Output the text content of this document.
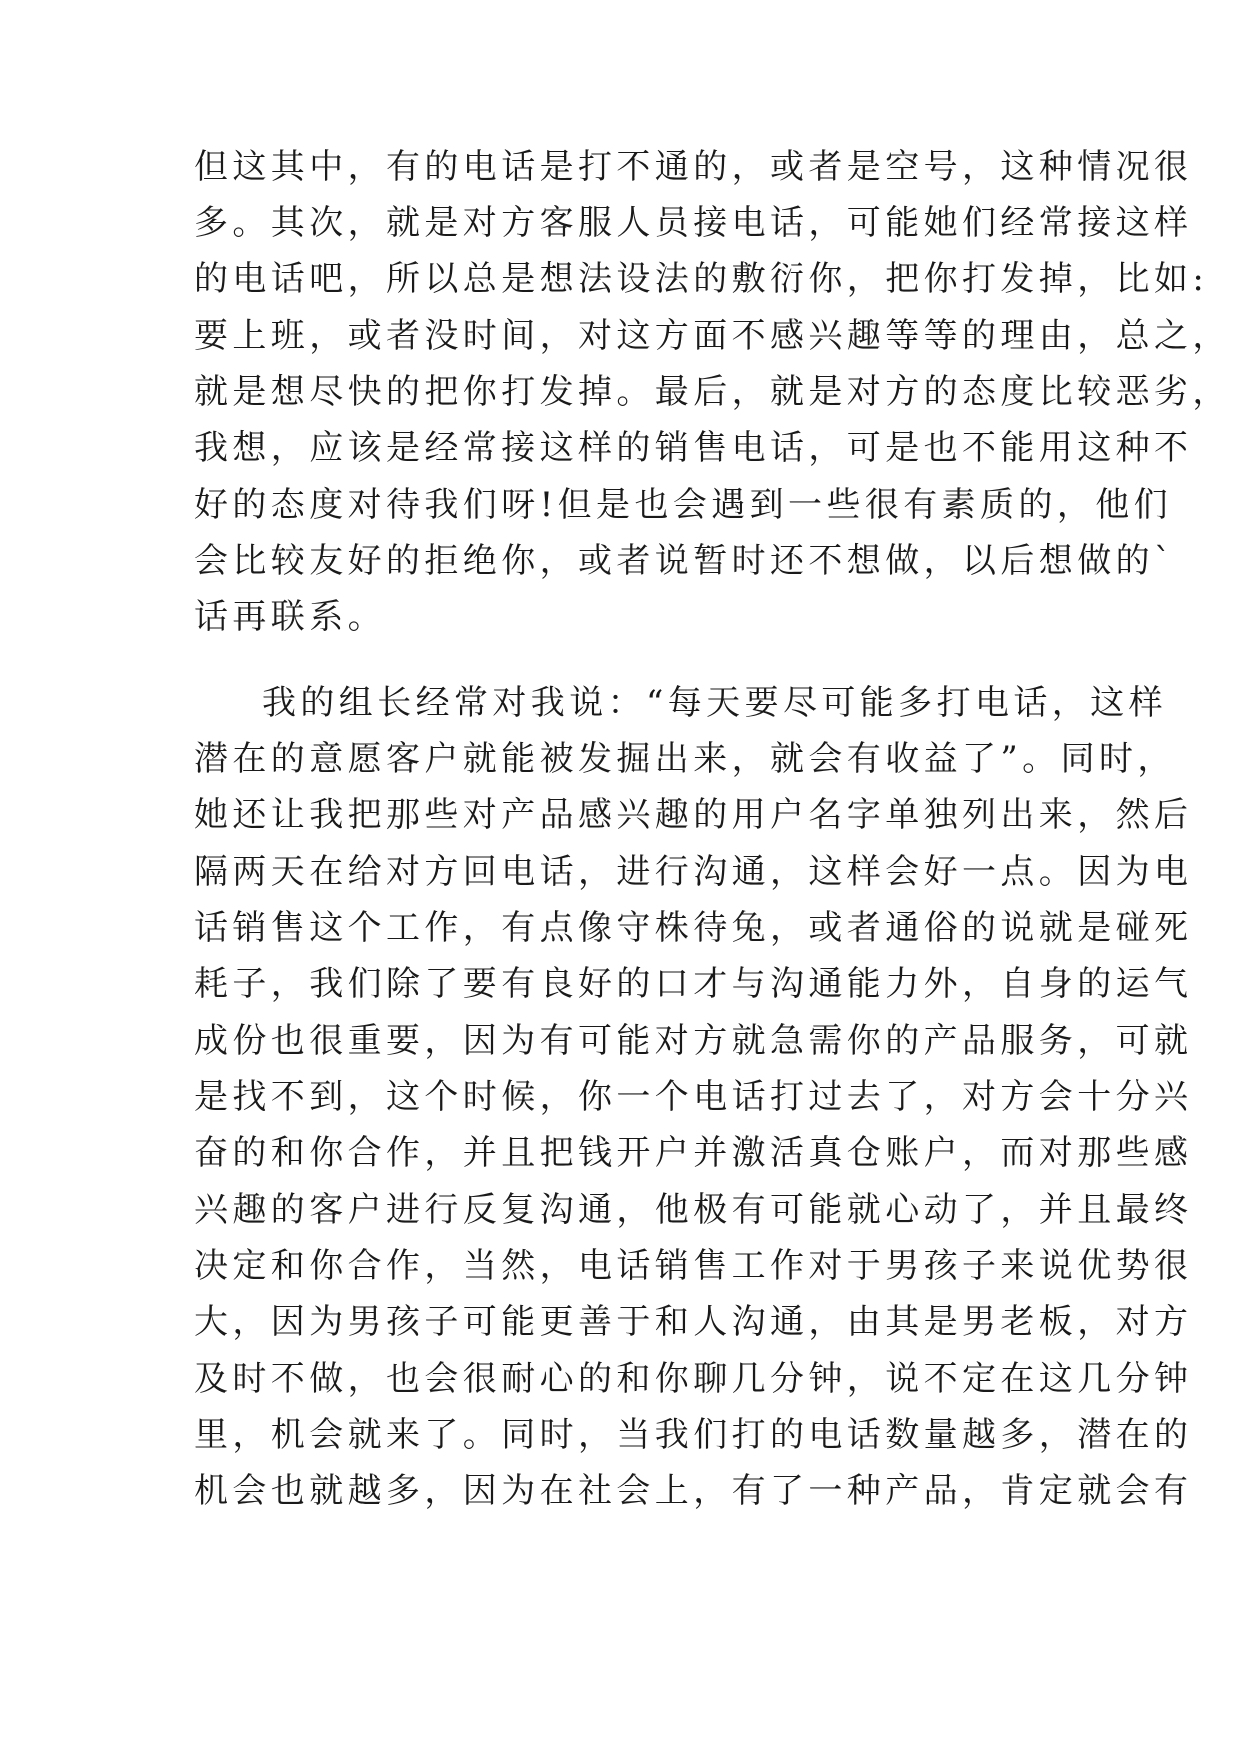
但这其中，有的电话是打不通的，或者是空号，这种情况很
多。其次，就是对方客服人员接电话，可能她们经常接这样
的电话吧，所以总是想法设法的敷衍你，把你打发掉，比如:
要上班，或者没时间，对这方面不感兴趣等等的理由，总之，
就是想尽快的把你打发掉。最后，就是对方的态度比较恶劣，
我想，应该是经常接这样的销售电话，可是也不能用这种不
好的态度对待我们呀!但是也会遇到一些很有素质的，他们
会比较友好的拒绝你，或者说暂时还不想做，以后想做的`
话再联系。
我的组长经常对我说：“每天要尽可能多打电话，这样
潜在的意愿客户就能被发掘出来，就会有收益了”。同时，
她还让我把那些对产品感兴趣的用户名字单独列出来，然后
隔两天在给对方回电话，进行沟通，这样会好一点。因为电
话销售这个工作，有点像守株待兔，或者通俗的说就是碰死
耗子，我们除了要有良好的口才与沟通能力外，自身的运气
成份也很重要，因为有可能对方就急需你的产品服务，可就
是找不到，这个时候，你一个电话打过去了，对方会十分兴
奋的和你合作，并且把钱开户并激活真仓账户，而对那些感
兴趣的客户进行反复沟通，他极有可能就心动了，并且最终
决定和你合作，当然，电话销售工作对于男孩子来说优势很
大，因为男孩子可能更善于和人沟通，由其是男老板，对方
及时不做，也会很耐心的和你聊几分钟，说不定在这几分钟
里，机会就来了。同时，当我们打的电话数量越多，潜在的
机会也就越多，因为在社会上，有了一种产品，肯定就会有
